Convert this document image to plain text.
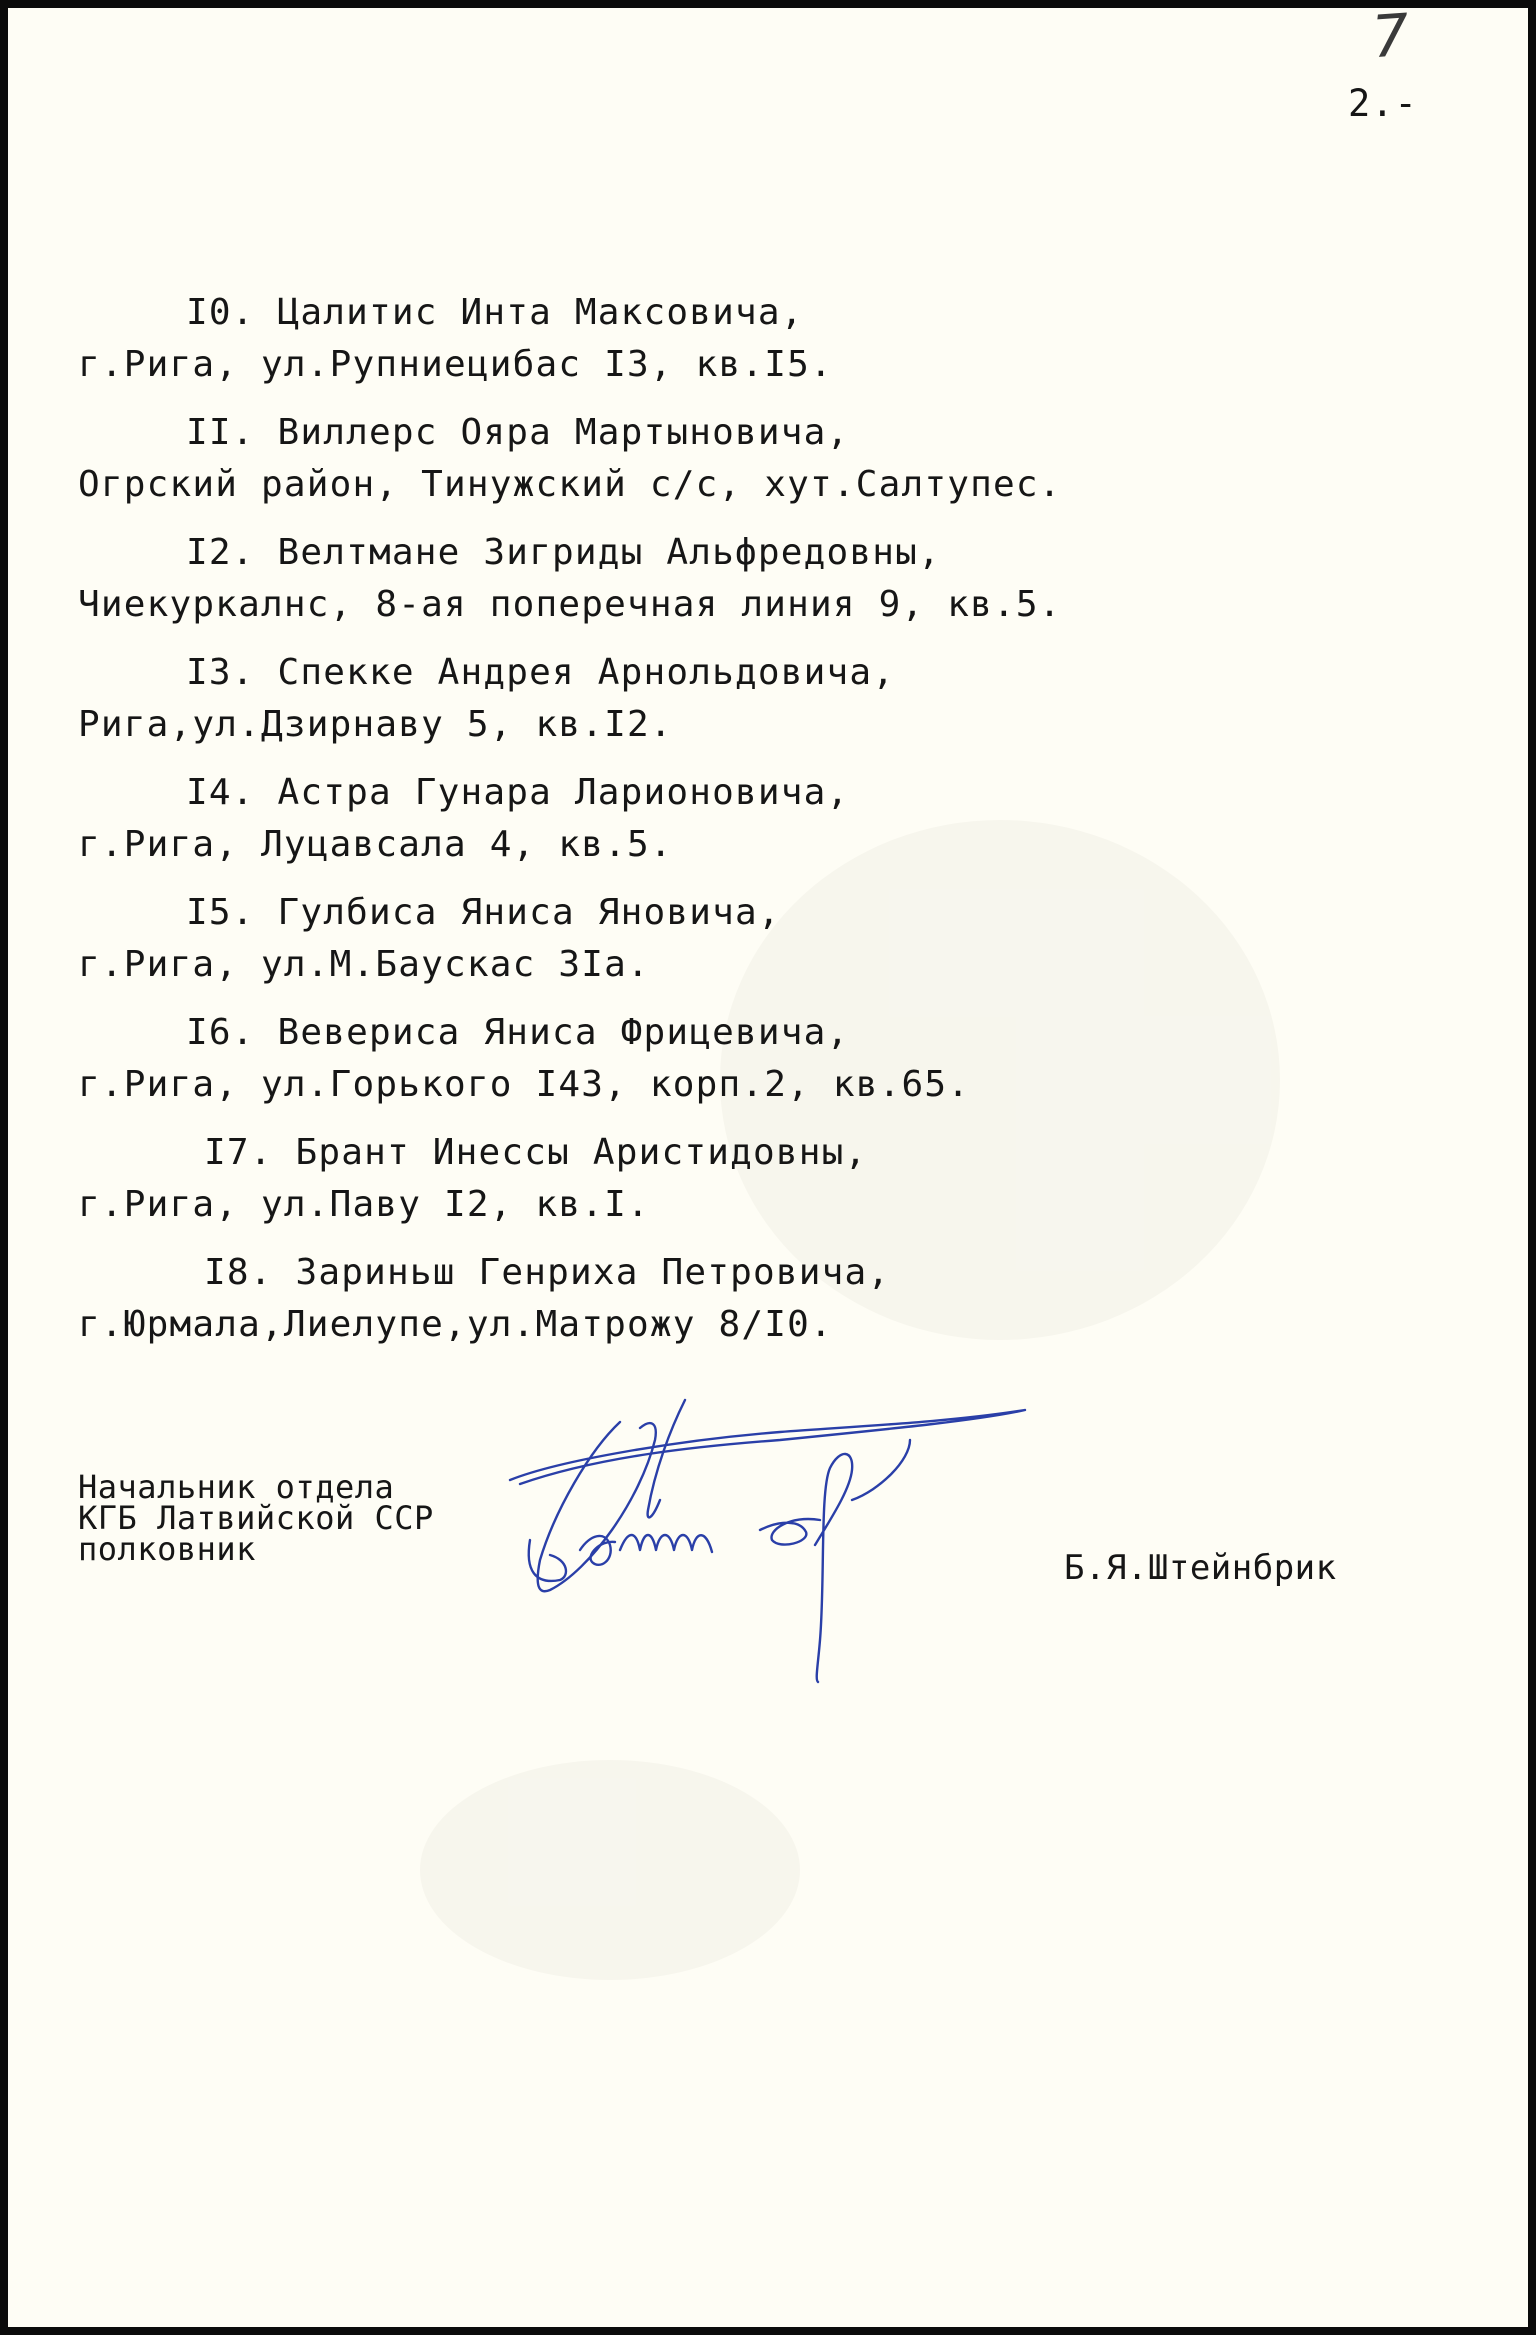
7
2.-
I0. Цалитис Инта Максовича,
г.Рига, ул.Рупниецибас I3, кв.I5.
II. Виллерс Ояра Мартыновича,
Огрский район, Тинужский с/с, хут.Салтупес.
I2. Велтмане Зигриды Альфредовны,
Чиекуркалнс, 8-ая поперечная линия 9, кв.5.
I3. Спекке Андрея Арнольдовича,
Рига,ул.Дзирнаву 5, кв.I2.
I4. Астра Гунара Ларионовича,
г.Рига, Луцавсала 4, кв.5.
I5. Гулбиса Яниса Яновича,
г.Рига, ул.М.Баускас 3Iа.
I6. Веверисa Яниса Фрицевича,
г.Рига, ул.Горького I43, корп.2, кв.65.
I7. Брант Инессы Аристидовны,
г.Рига, ул.Паву I2, кв.I.
I8. Зариньш Генриха Петровича,
г.Юрмала,Лиелупе,ул.Матрожу 8/I0.
Начальник отдела
КГБ Латвийской ССР
полковник	Б.Я.Штейнбрик
